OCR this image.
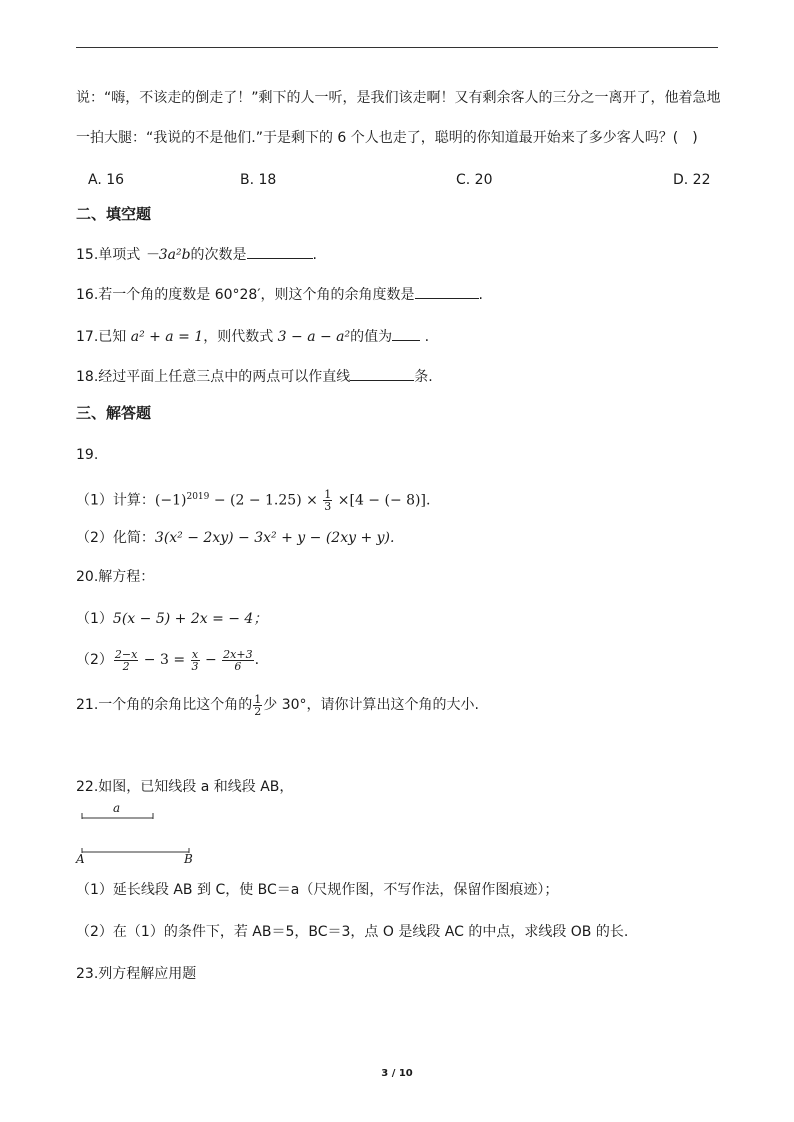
说：“嗨，不该走的倒走了！”剩下的人一听，是我们该走啊！又有剩余客人的三分之一离开了，他着急地
一拍大腿：“我说的不是他们.”于是剩下的 6 个人也走了，聪明的你知道最开始来了多少客人吗？(　)
A. 16	B. 18	C. 20	D. 22
二、填空题
15.单项式 －3a²b的次数是	.
16.若一个角的度数是 60°28′，则这个角的余角度数是	.
17.已知 a² + a = 1，则代数式 3 − a − a²的值为 .
18.经过平面上任意三点中的两点可以作直线	条.
三、解答题
19.
（1）计算：$(-1)^{2019} - (2 - 1.25) \times \frac{1}{3} \times[4$ − (− 8)].
（2）化简：3(x² − 2xy) − 3x² + y − (2xy + y).
20.解方程：
（1）5(x − 5) + 2x = − 4；
$(2) \frac{2-x}{2} - 3 = \frac{x}{3} - \frac{2x+3}{6}$ .
21.一个角的余角比这个角的 $\frac{1}{2}$ 少 30°，请你计算出这个角的大小.
22.如图，已知线段 a 和线段 AB，
a
A	B
（1）延长线段 AB 到 C，使 BC＝a（尺规作图，不写作法，保留作图痕迹）；
（2）在（1）的条件下，若 AB＝5，BC＝3，点 O 是线段 AC 的中点，求线段 OB 的长.
23.列方程解应用题
3 / 10
